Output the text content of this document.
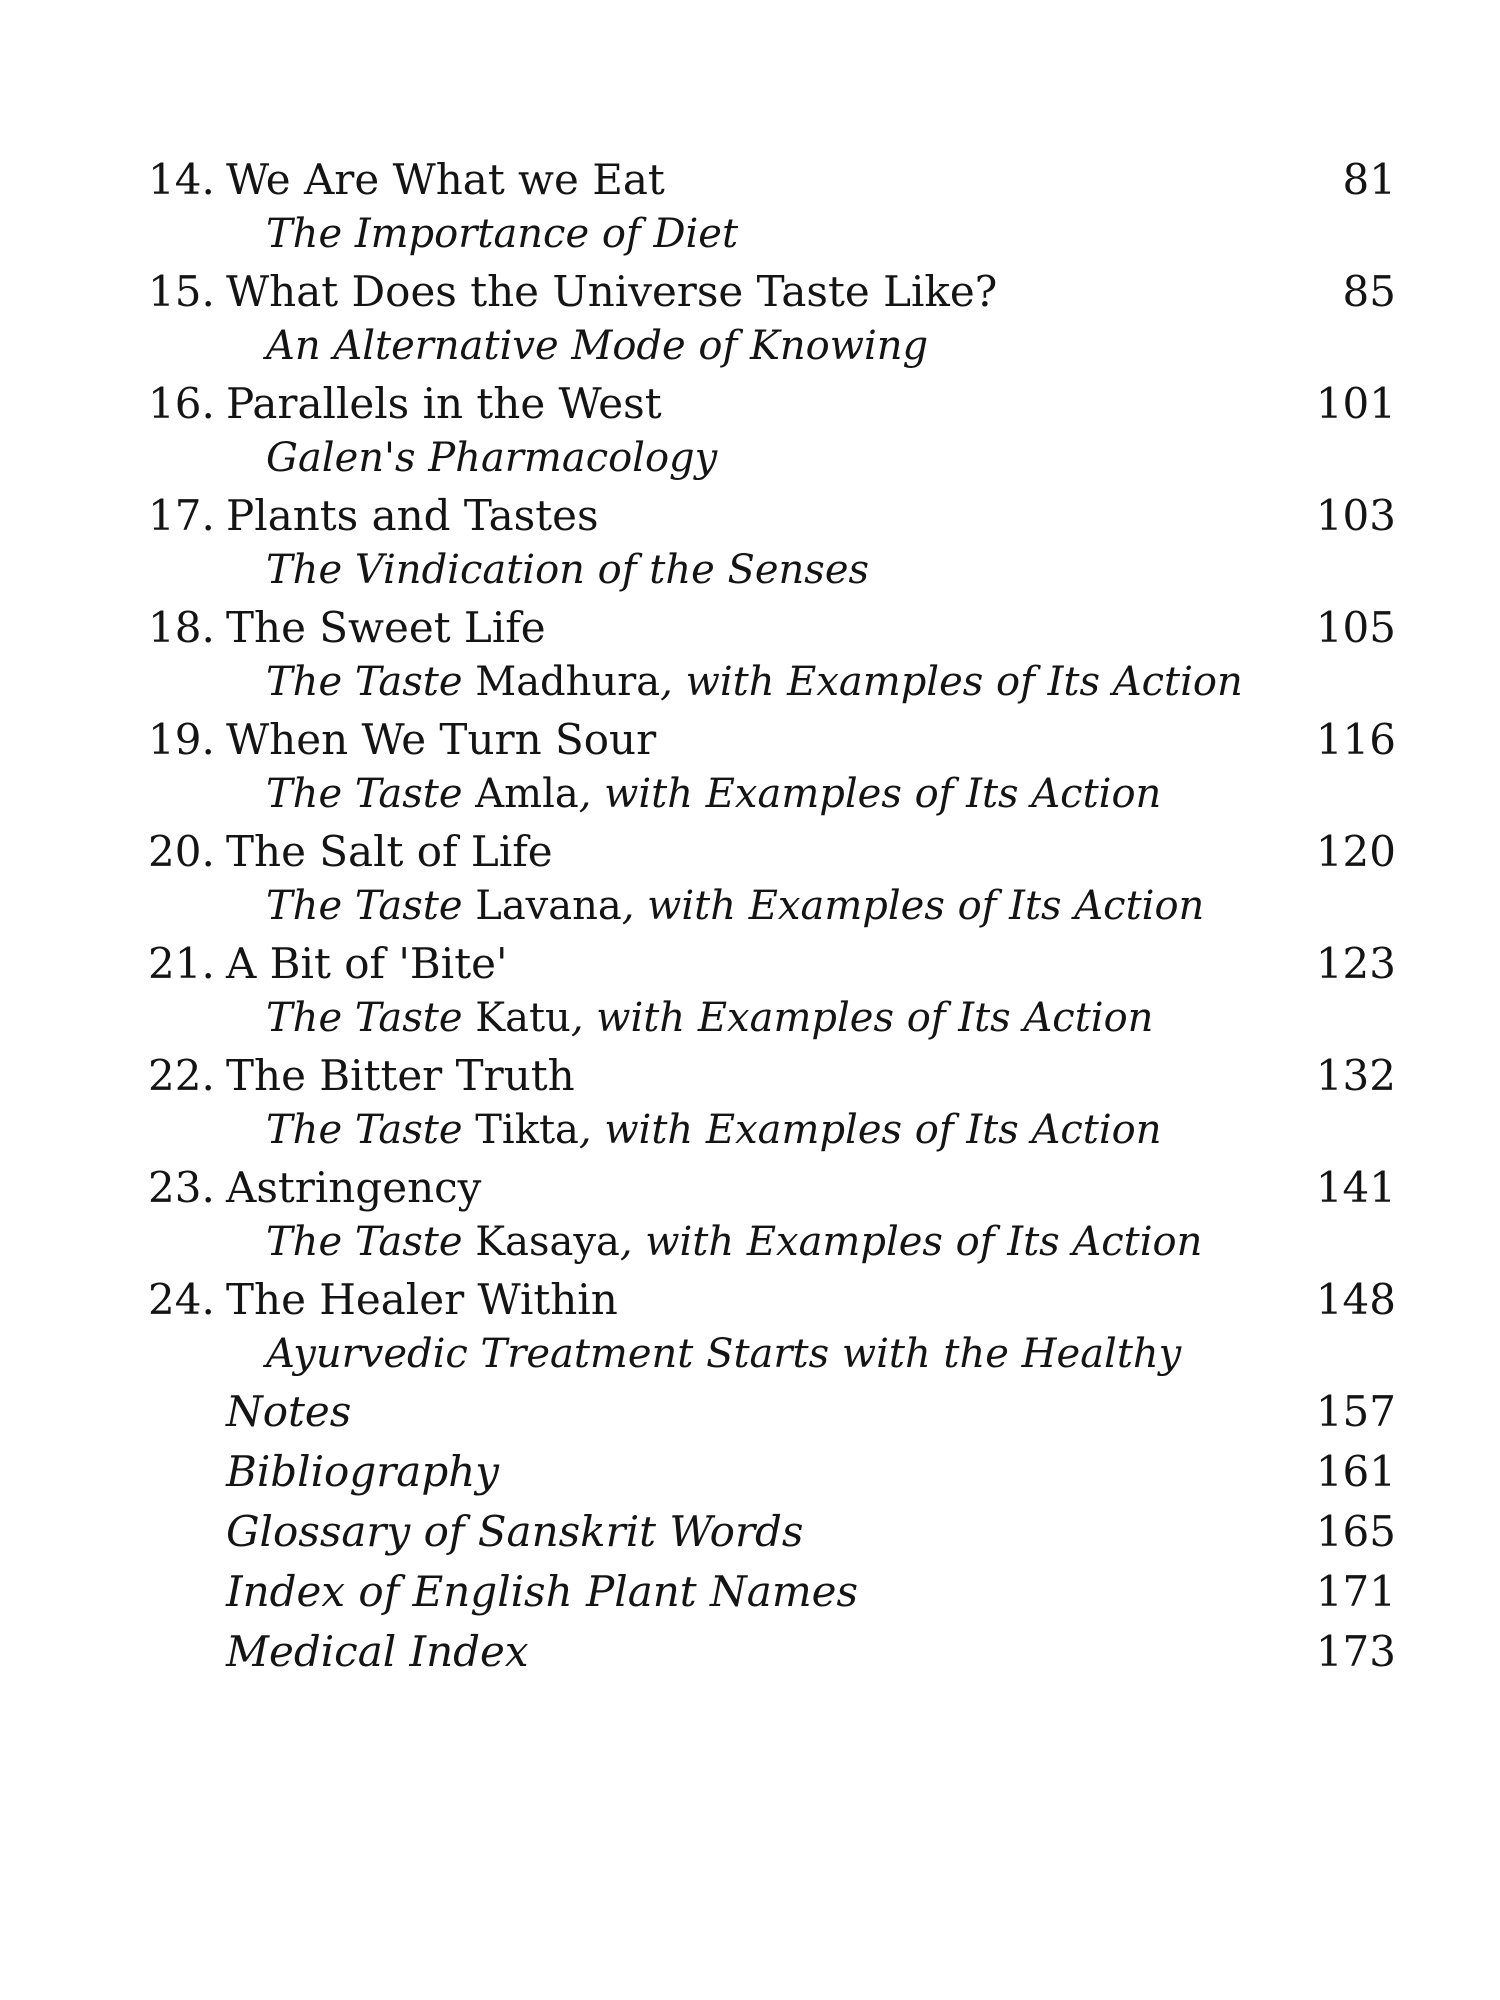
14. We Are What we Eat	81
The Importance of Diet
15. What Does the Universe Taste Like?	85
An Alternative Mode of Knowing
16. Parallels in the West	101
Galen's Pharmacology
17. Plants and Tastes	103
The Vindication of the Senses
18. The Sweet Life	105
The Taste Madhura, with Examples of Its Action
19. When We Turn Sour	116
The Taste Amla, with Examples of Its Action
20. The Salt of Life	120
The Taste Lavana, with Examples of Its Action
21. A Bit of 'Bite'	123
The Taste Katu, with Examples of Its Action
22. The Bitter Truth	132
The Taste Tikta, with Examples of Its Action
23. Astringency	141
The Taste Kasaya, with Examples of Its Action
24. The Healer Within	148
Ayurvedic Treatment Starts with the Healthy
Notes	157
Bibliography	161
Glossary of Sanskrit Words	165
Index of English Plant Names	171
Medical Index	173
